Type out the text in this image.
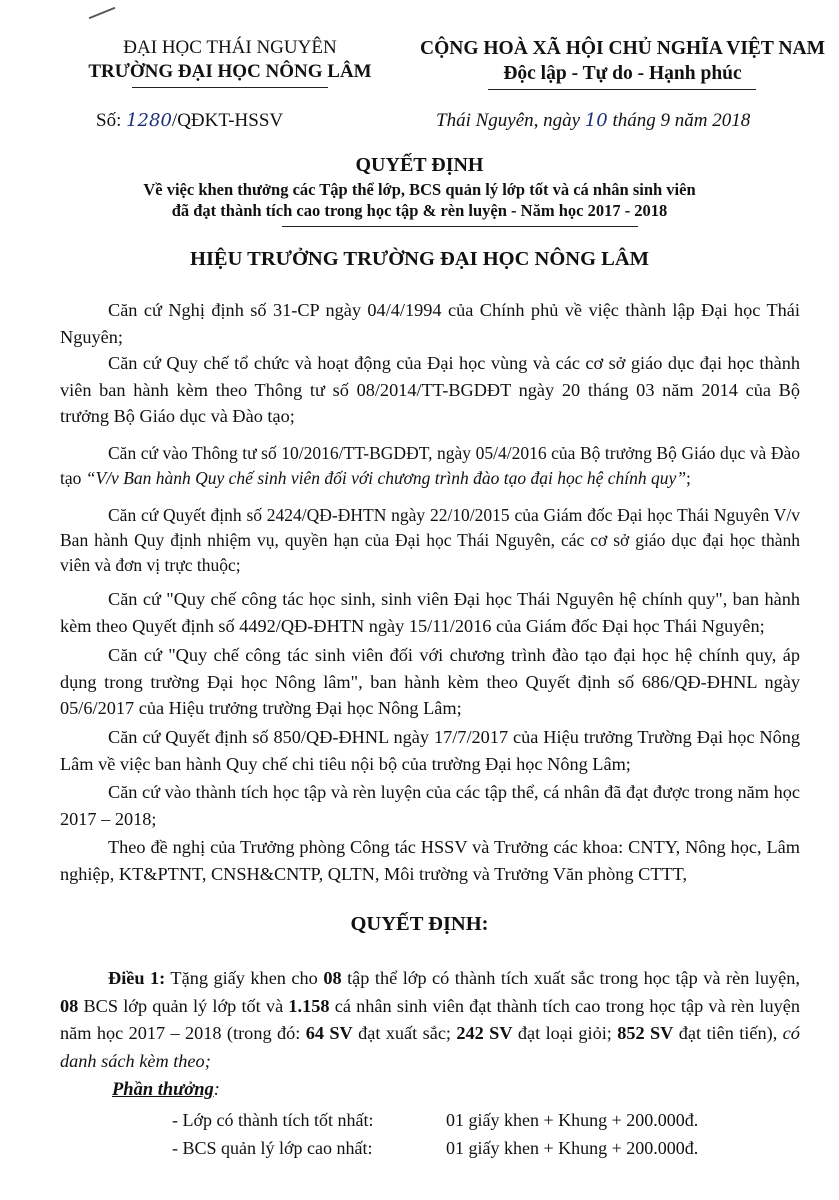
ĐẠI HỌC THÁI NGUYÊN
TRƯỜNG ĐẠI HỌC NÔNG LÂM
CỘNG HOÀ XÃ HỘI CHỦ NGHĨA VIỆT NAM
Độc lập - Tự do - Hạnh phúc
Số: 1280/QĐKT-HSSV	Thái Nguyên, ngày 10 tháng 9 năm 2018
QUYẾT ĐỊNH
Về việc khen thưởng các Tập thể lớp, BCS quản lý lớp tốt và cá nhân sinh viên
đã đạt thành tích cao trong học tập & rèn luyện - Năm học 2017 - 2018
HIỆU TRƯỞNG TRƯỜNG ĐẠI HỌC NÔNG LÂM
Căn cứ Nghị định số 31-CP ngày 04/4/1994 của Chính phủ về việc thành lập Đại học Thái Nguyên;
Căn cứ Quy chế tổ chức và hoạt động của Đại học vùng và các cơ sở giáo dục đại học thành viên ban hành kèm theo Thông tư số 08/2014/TT-BGDĐT ngày 20 tháng 03 năm 2014 của Bộ trưởng Bộ Giáo dục và Đào tạo;
Căn cứ vào Thông tư số 10/2016/TT-BGDĐT, ngày 05/4/2016 của Bộ trưởng Bộ Giáo dục và Đào tạo “V/v Ban hành Quy chế sinh viên đối với chương trình đào tạo đại học hệ chính quy”;
Căn cứ Quyết định số 2424/QĐ-ĐHTN ngày 22/10/2015 của Giám đốc Đại học Thái Nguyên V/v Ban hành Quy định nhiệm vụ, quyền hạn của Đại học Thái Nguyên, các cơ sở giáo dục đại học thành viên và đơn vị trực thuộc;
Căn cứ "Quy chế công tác học sinh, sinh viên Đại học Thái Nguyên hệ chính quy", ban hành kèm theo Quyết định số 4492/QĐ-ĐHTN ngày 15/11/2016 của Giám đốc Đại học Thái Nguyên;
Căn cứ "Quy chế công tác sinh viên đối với chương trình đào tạo đại học hệ chính quy, áp dụng trong trường Đại học Nông lâm", ban hành kèm theo Quyết định số 686/QĐ-ĐHNL ngày 05/6/2017 của Hiệu trưởng trường Đại học Nông Lâm;
Căn cứ Quyết định số 850/QĐ-ĐHNL ngày 17/7/2017 của Hiệu trưởng Trường Đại học Nông Lâm về việc ban hành Quy chế chi tiêu nội bộ của trường Đại học Nông Lâm;
Căn cứ vào thành tích học tập và rèn luyện của các tập thể, cá nhân đã đạt được trong năm học 2017 – 2018;
Theo đề nghị của Trưởng phòng Công tác HSSV và Trưởng các khoa: CNTY, Nông học, Lâm nghiệp, KT&PTNT, CNSH&CNTP, QLTN, Môi trường và Trưởng Văn phòng CTTT,
QUYẾT ĐỊNH:
Điều 1: Tặng giấy khen cho 08 tập thể lớp có thành tích xuất sắc trong học tập và rèn luyện, 08 BCS lớp quản lý lớp tốt và 1.158 cá nhân sinh viên đạt thành tích cao trong học tập và rèn luyện năm học 2017 – 2018 (trong đó: 64 SV đạt xuất sắc; 242 SV đạt loại giỏi; 852 SV đạt tiên tiến), có danh sách kèm theo;
Phần thưởng:
- Lớp có thành tích tốt nhất:	01 giấy khen + Khung + 200.000đ.
- BCS quản lý lớp cao nhất:	01 giấy khen + Khung + 200.000đ.
